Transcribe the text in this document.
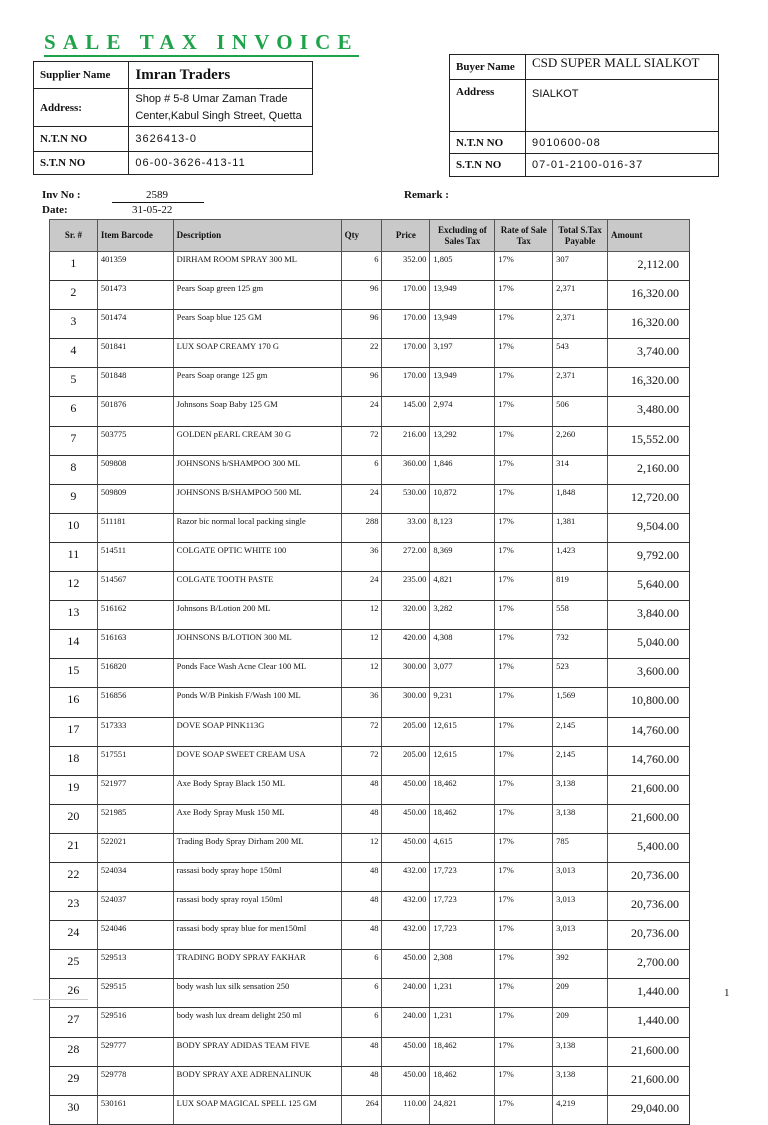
SALE TAX INVOICE
Supplier Name	Imran Traders
Address:	Shop # 5-8 Umar Zaman Trade
Center,Kabul Singh Street, Quetta

N.T.N NO	3626413-0
S.T.N NO	06-00-3626-413-11
Buyer Name	CSD SUPER MALL SIALKOT
Address	SIALKOT
N.T.N NO	9010600-08
S.T.N NO	07-01-2100-016-37
Inv No :	2589
Date:	31-05-22
Remark :
Sr. #	Item Barcode	Description	Qty	Price	Excluding of Sales Tax	Rate of Sale Tax	Total S.Tax Payable	Amount
1	401359	DIRHAM ROOM SPRAY 300 ML	6	352.00	1,805	17%	307	2,112.00
2	501473	Pears Soap green 125 gm	96	170.00	13,949	17%	2,371	16,320.00
3	501474	Pears Soap blue 125 GM	96	170.00	13,949	17%	2,371	16,320.00
4	501841	LUX SOAP CREAMY 170 G	22	170.00	3,197	17%	543	3,740.00
5	501848	Pears Soap orange 125 gm	96	170.00	13,949	17%	2,371	16,320.00
6	501876	Johnsons Soap Baby 125 GM	24	145.00	2,974	17%	506	3,480.00
7	503775	GOLDEN pEARL CREAM 30 G	72	216.00	13,292	17%	2,260	15,552.00
8	509808	JOHNSONS b/SHAMPOO 300 ML	6	360.00	1,846	17%	314	2,160.00
9	509809	JOHNSONS B/SHAMPOO 500 ML	24	530.00	10,872	17%	1,848	12,720.00
10	511181	Razor bic normal local packing single	288	33.00	8,123	17%	1,381	9,504.00
11	514511	COLGATE OPTIC WHITE 100	36	272.00	8,369	17%	1,423	9,792.00
12	514567	COLGATE TOOTH PASTE	24	235.00	4,821	17%	819	5,640.00
13	516162	Johnsons B/Lotion 200 ML	12	320.00	3,282	17%	558	3,840.00
14	516163	JOHNSONS B/LOTION 300 ML	12	420.00	4,308	17%	732	5,040.00
15	516820	Ponds Face Wash Acne Clear 100 ML	12	300.00	3,077	17%	523	3,600.00
16	516856	Ponds W/B Pinkish F/Wash 100 ML	36	300.00	9,231	17%	1,569	10,800.00
17	517333	DOVE SOAP PINK113G	72	205.00	12,615	17%	2,145	14,760.00
18	517551	DOVE SOAP SWEET CREAM USA	72	205.00	12,615	17%	2,145	14,760.00
19	521977	Axe Body Spray Black 150 ML	48	450.00	18,462	17%	3,138	21,600.00
20	521985	Axe Body Spray Musk 150 ML	48	450.00	18,462	17%	3,138	21,600.00
21	522021	Trading Body Spray Dirham 200 ML	12	450.00	4,615	17%	785	5,400.00
22	524034	rassasi body spray hope 150ml	48	432.00	17,723	17%	3,013	20,736.00
23	524037	rassasi body spray royal 150ml	48	432.00	17,723	17%	3,013	20,736.00
24	524046	rassasi body spray blue for men150ml	48	432.00	17,723	17%	3,013	20,736.00
25	529513	TRADING BODY SPRAY FAKHAR	6	450.00	2,308	17%	392	2,700.00
26	529515	body wash lux silk sensation 250	6	240.00	1,231	17%	209	1,440.00
27	529516	body wash lux dream delight 250 ml	6	240.00	1,231	17%	209	1,440.00
28	529777	BODY SPRAY ADIDAS TEAM FIVE	48	450.00	18,462	17%	3,138	21,600.00
29	529778	BODY SPRAY AXE ADRENALINUK	48	450.00	18,462	17%	3,138	21,600.00
30	530161	LUX SOAP MAGICAL SPELL 125 GM	264	110.00	24,821	17%	4,219	29,040.00
1
